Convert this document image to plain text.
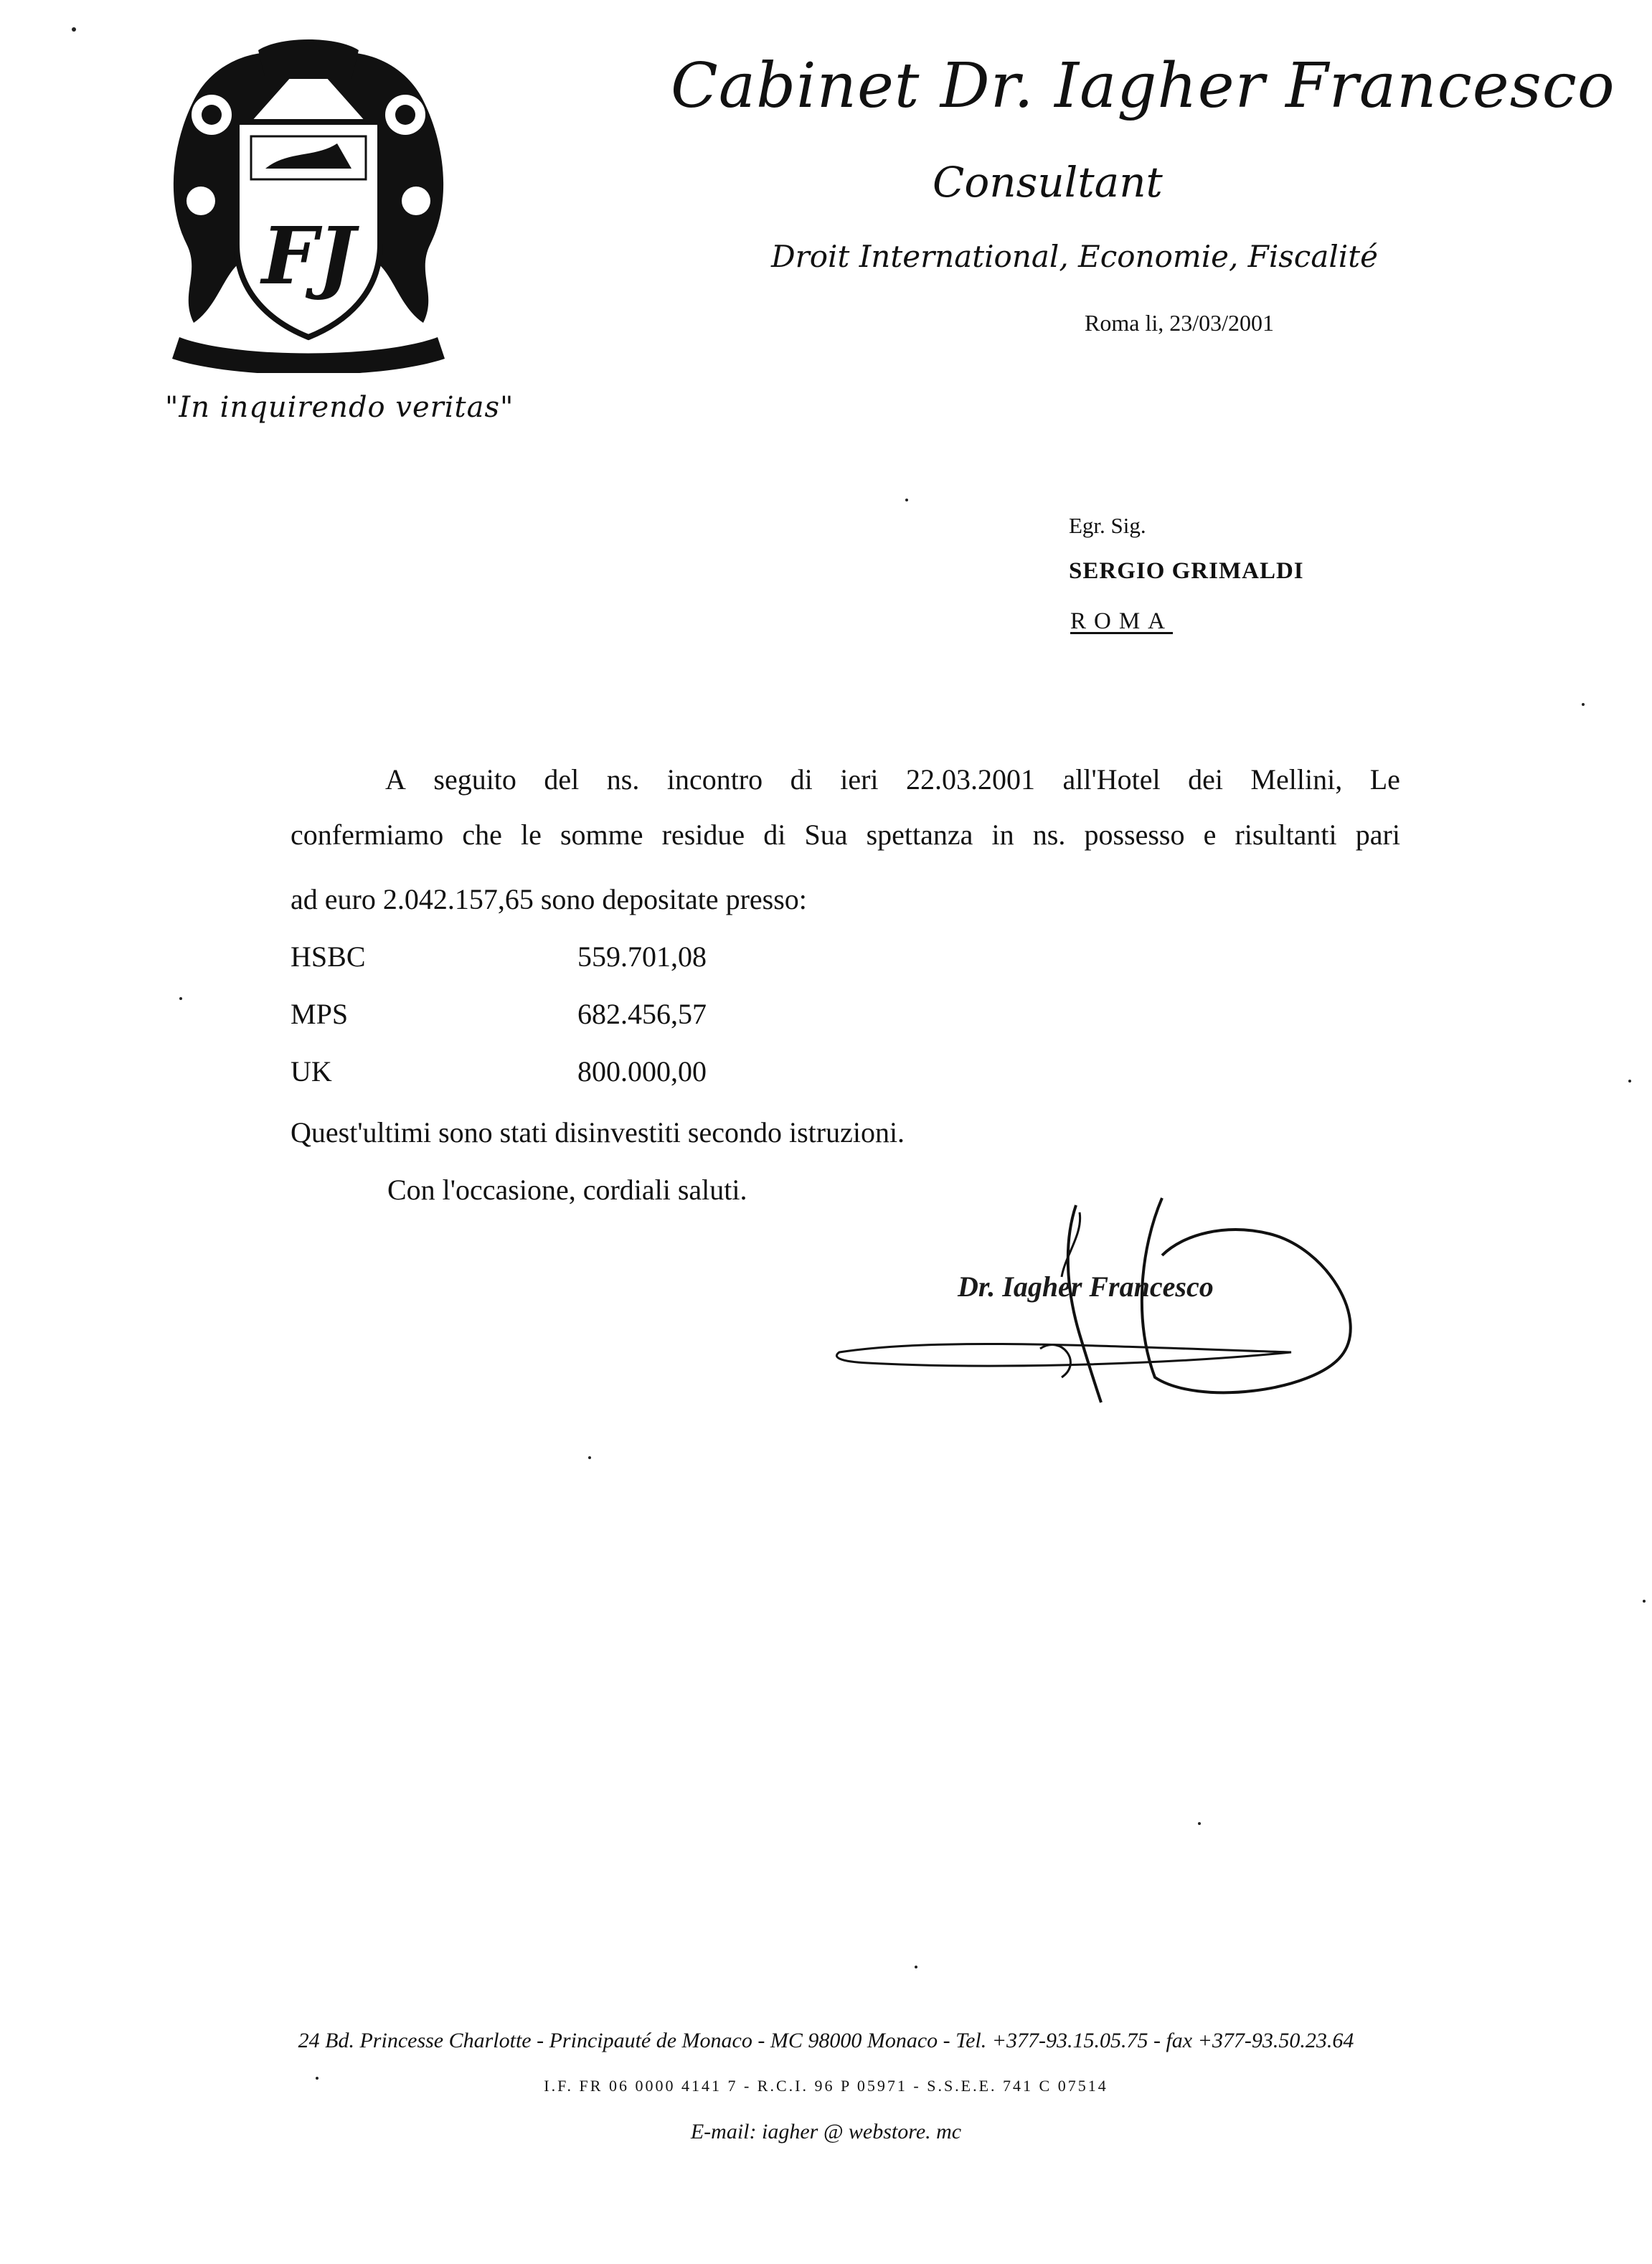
FJ
"In inquirendo veritas"
Cabinet Dr. Iagher Francesco
Consultant
Droit International, Economie, Fiscalité
Roma li, 23/03/2001
Egr. Sig.
SERGIO GRIMALDI
ROMA
A seguito del ns. incontro di ieri 22.03.2001 all'Hotel dei Mellini, Le
confermiamo che le somme residue di Sua spettanza in ns. possesso e risultanti pari
ad euro 2.042.157,65 sono depositate presso:
HSBC	559.701,08
MPS	682.456,57
UK	800.000,00
Quest'ultimi sono stati disinvestiti secondo istruzioni.
Con l'occasione, cordiali saluti.
Dr. Iagher Francesco
24 Bd. Princesse Charlotte - Principauté de Monaco - MC 98000 Monaco - Tel. +377-93.15.05.75 - fax +377-93.50.23.64
I.F. FR 06 0000 4141 7 - R.C.I. 96 P 05971 - S.S.E.E. 741 C 07514
E-mail: iagher @ webstore. mc
